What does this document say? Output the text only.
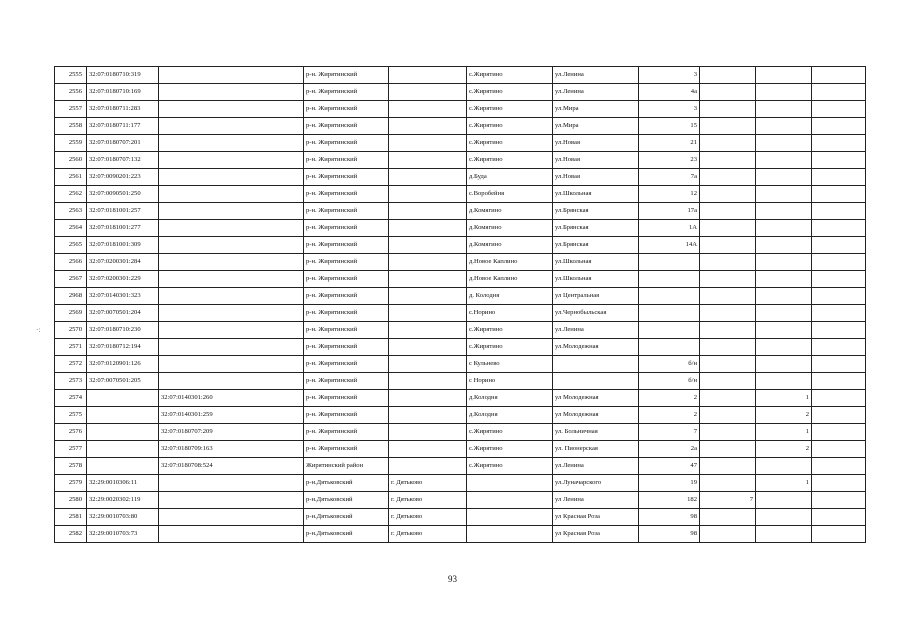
2555	32:07:0180710:319		р-н. Жирятинский		с.Жирятино	ул.Ленина	3			
2556	32:07:0180710:169		р-н. Жирятинский		с.Жирятино	ул.Ленина	4а			
2557	32:07:0180711:283		р-н. Жирятинский		с.Жирятино	ул.Мира	3			
2558	32:07:0180711:177		р-н. Жирятинский		с.Жирятино	ул.Мира	15			
2559	32:07:0180707:201		р-н. Жирятинский		с.Жирятино	ул.Новая	21			
2560	32:07:0180707:132		р-н. Жирятинский		с.Жирятино	ул.Новая	23			
2561	32:07:0090201:223		р-н. Жирятинский		д.Буда	ул.Новая	7а			
2562	32:07:0090501:250		р-н. Жирятинский		с.Воробейня	ул.Школьная	12			
2563	32:07:0181001:257		р-н. Жирятинский		д.Комягино	ул.Брянская	17а			
2564	32:07:0181001:277		р-н. Жирятинский		д.Комягино	ул.Брянская	1А			
2565	32:07:0181001:309		р-н. Жирятинский		д.Комягино	ул.Брянская	14А			
2566	32:07:0200301:284		р-н. Жирятинский		д.Новое Каплино	ул.Школьная				
2567	32:07:0200301:229		р-н. Жирятинский		д.Новое Каплино	ул.Школьная				
2968	32:07:0140301:323		р-н. Жирятинский		д. Колодня	ул Центральная				
2569	32:07:0070501:204		р-н. Жирятинский		с.Норино	ул.Чернобыльская				
2570	32:07:0180710:230		р-н. Жирятинский		с.Жирятино	ул.Ленина				
2571	32:07:0180712:194		р-н. Жирятинский		с.Жирятино	ул.Молодежная				
2572	32:07:0120901:126		р-н. Жирятинский		с Кульнево		б/н			
2573	32:07:0070501:205		р-н. Жирятинский		с Норино		б/н			
2574		32:07:0140301:260	р-н. Жирятинский		д.Колодня	ул Молодежная	2		1	
2575		32:07:0140301:259	р-н. Жирятинский		д.Колодня	ул Молодежная	2		2	
2576		32:07:0180707:209	р-н. Жирятинский		с.Жирятино	ул. Больничная	7		1	
2577		32:07:0180709:163	р-н. Жирятинский		с.Жирятино	ул. Пионерская	2а		2	
2578		32:07:0180708:524	Жирятинский район		с.Жирятино	ул.Ленина	47			
2579	32:29:0010306:11		р-н.Дятьковский	г. Дятьково		ул.Луначарского	19		1	
2580	32:29:0020302:119		р-н.Дятьковский	г. Дятьково		ул Ленина	182	7		
2581	32:29:0010703:80		р-н.Дятьковский	г. Дятьково		ул Красная Роза	98			
2582	32:29:0010703:73		р-н.Дятьковский	г. Дятьково		ул Красная Роза	98			
·:
93
